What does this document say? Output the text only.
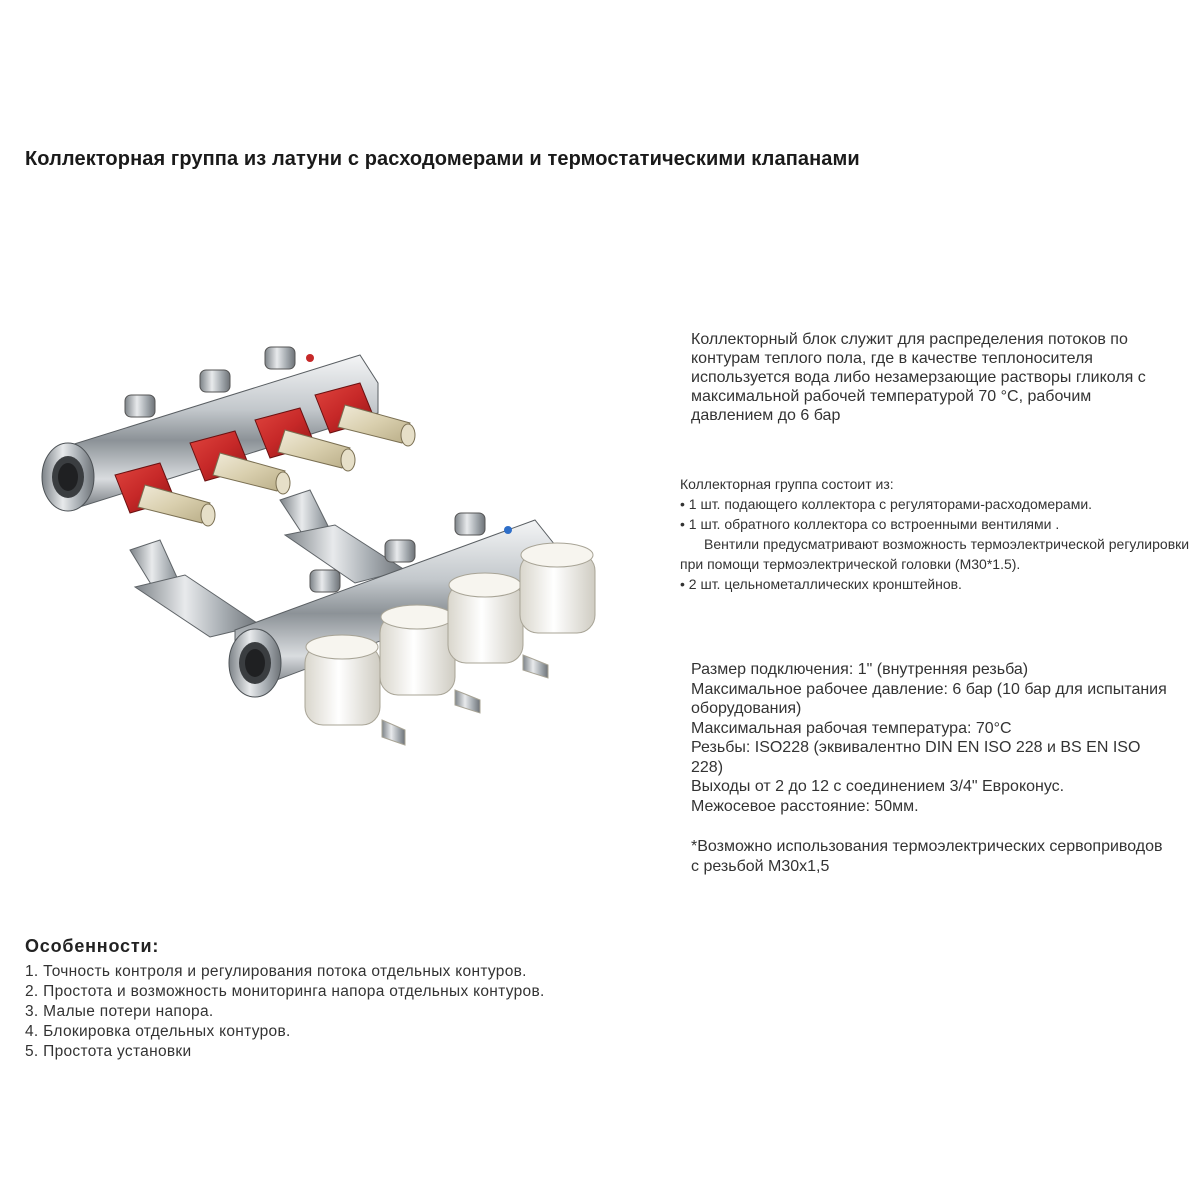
Коллекторная группа из латуни с расходомерами и термостатическими клапанами
Коллекторный блок служит для распределения потоков по контурам теплого пола, где в качестве теплоносителя используется вода либо незамерзающие растворы гликоля с максимальной рабочей температурой 70 °С, рабочим давлением до 6 бар
Коллекторная группа состоит из:
• 1 шт. подающего коллектора с регуляторами-расходомерами.
• 1 шт. обратного коллектора со встроенными вентилями .
Вентили предусматривают возможность термоэлектрической регулировки
при помощи термоэлектрической головки (М30*1.5).
• 2 шт. цельнометаллических кронштейнов.
Размер подключения: 1" (внутренняя резьба)
Максимальное рабочее давление: 6 бар (10 бар для испытания оборудования)
Максимальная рабочая температура: 70°С
Резьбы: ISO228 (эквивалентно DIN EN ISO 228 и BS EN ISO 228)
Выходы от 2 до 12 с соединением 3/4" Евроконус.
Межосевое расстояние: 50мм.
*Возможно использования термоэлектрических сервоприводов с резьбой М30х1,5
Особенности:
1. Точность контроля и регулирования потока отдельных контуров.
2. Простота и возможность мониторинга напора отдельных контуров.
3. Малые потери напора.
4. Блокировка отдельных контуров.
5. Простота установки
